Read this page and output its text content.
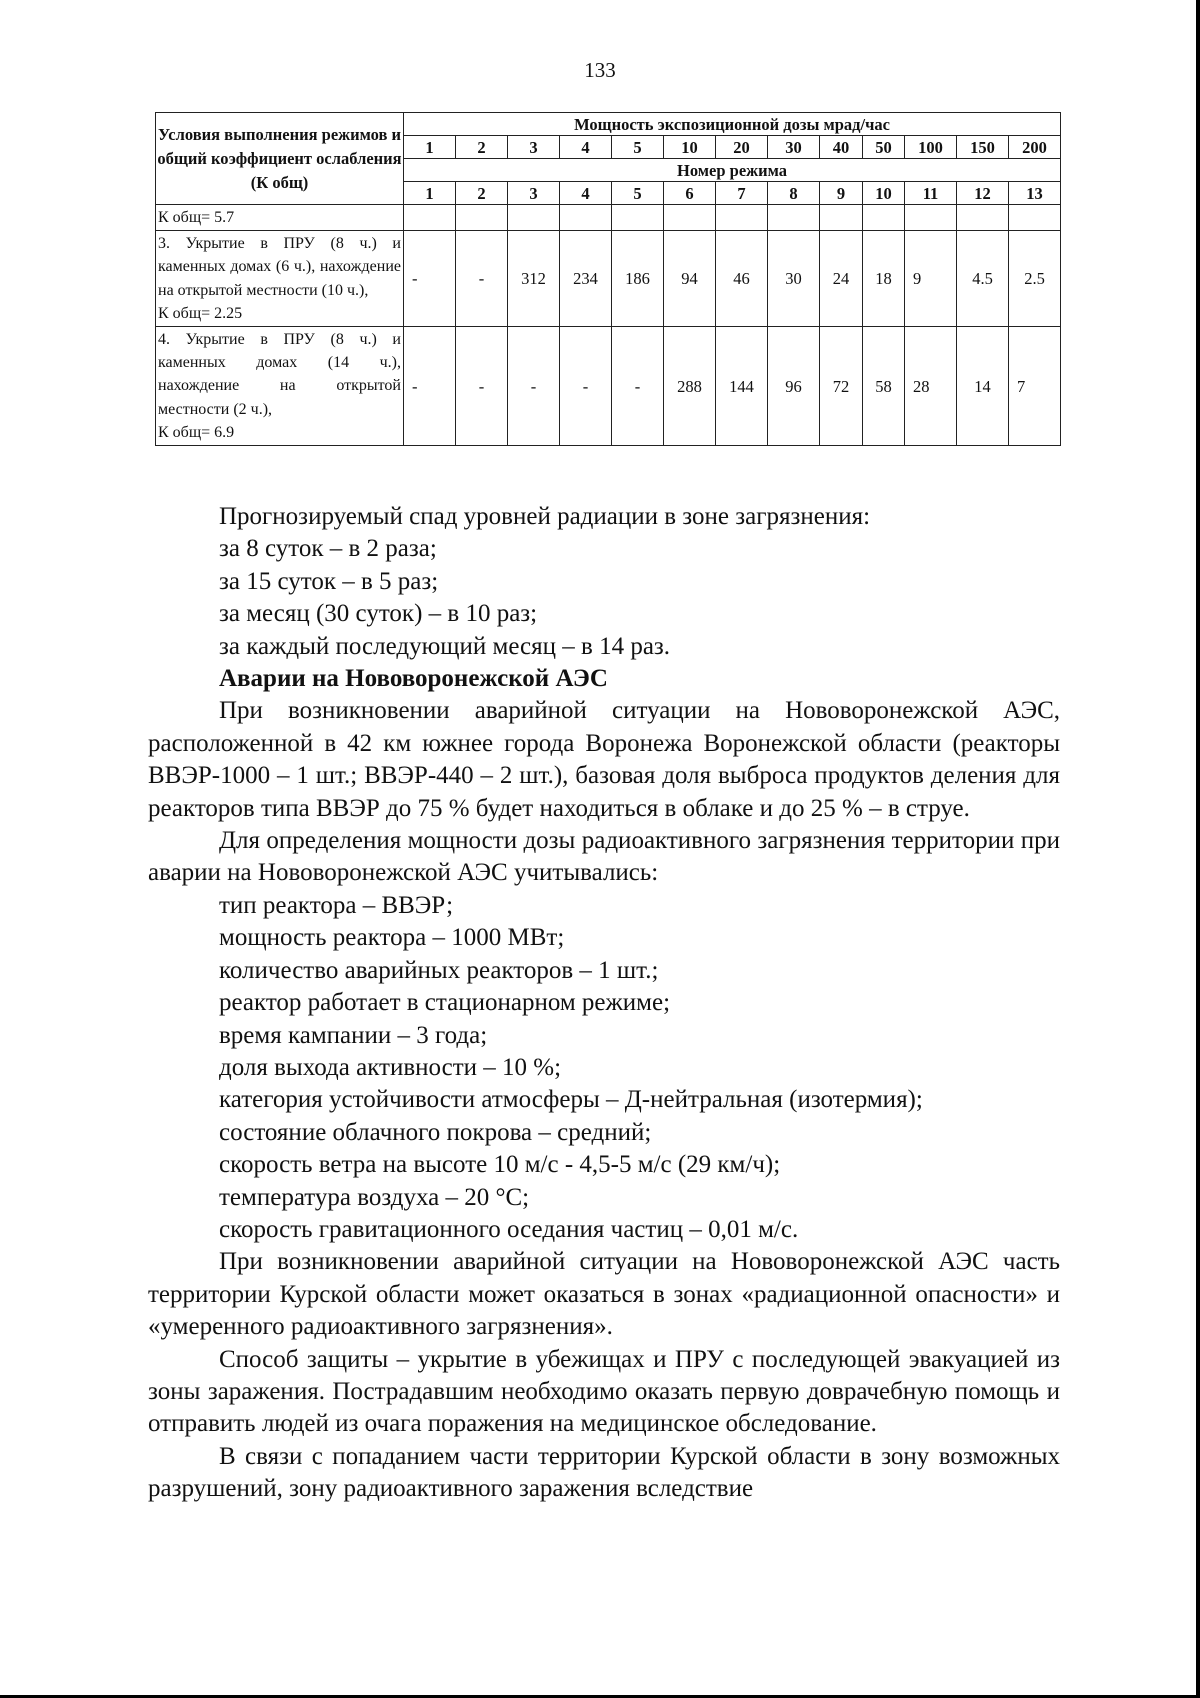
133
Условия выполнения режимов и общий коэффициент ослабления (К общ)	Мощность экспозиционной дозы мрад/час												
	1	2	3	4	5	10	20	30	40	50	100	150	200
	Номер режима												
	1	2	3	4	5	6	7	8	9	10	11	12	13
К общ= 5.7													
3. Укрытие в ПРУ (8 ч.) и каменных домах (6 ч.), нахождение на открытой местности (10 ч.),
К общ= 2.25	-	-	312	234	186	94	46	30	24	18	9	4.5	2.5
4. Укрытие в ПРУ (8 ч.) и каменных домах (14 ч.), нахождение на открытой местности (2 ч.),
К общ= 6.9	-	-	-	-	-	288	144	96	72	58	28	14	7

Прогнозируемый спад уровней радиации в зоне загрязнения:

за 8 суток – в 2 раза;

за 15 суток – в 5 раз;

за месяц (30 суток) – в 10 раз;

за каждый последующий месяц – в 14 раз.

Аварии на Нововоронежской АЭС

При возникновении аварийной ситуации на Нововоронежской АЭС, расположенной в 42 км южнее города Воронежа Воронежской области (реакторы ВВЭР-1000 – 1 шт.; ВВЭР-440 – 2 шт.), базовая доля выброса продуктов деления для реакторов типа ВВЭР до 75 % будет находиться в облаке и до 25 % – в струе.

Для определения мощности дозы радиоактивного загрязнения территории при аварии на Нововоронежской АЭС учитывались:

тип реактора – ВВЭР;

мощность реактора – 1000 МВт;

количество аварийных реакторов – 1 шт.;

реактор работает в стационарном режиме;

время кампании – 3 года;

доля выхода активности – 10 %;

категория устойчивости атмосферы – Д-нейтральная (изотермия);

состояние облачного покрова – средний;

скорость ветра на высоте 10 м/с - 4,5-5 м/с (29 км/ч);

температура воздуха – 20 °С;

скорость гравитационного оседания частиц – 0,01 м/с.

При возникновении аварийной ситуации на Нововоронежской АЭС часть территории Курской области может оказаться в зонах «радиационной опасности» и «умеренного радиоактивного загрязнения».

Способ защиты – укрытие в убежищах и ПРУ с последующей эвакуацией из зоны заражения. Пострадавшим необходимо оказать первую доврачебную помощь и отправить людей из очага поражения на медицинское обследование.

В связи с попаданием части территории Курской области в зону возможных разрушений, зону радиоактивного заражения вследствие
